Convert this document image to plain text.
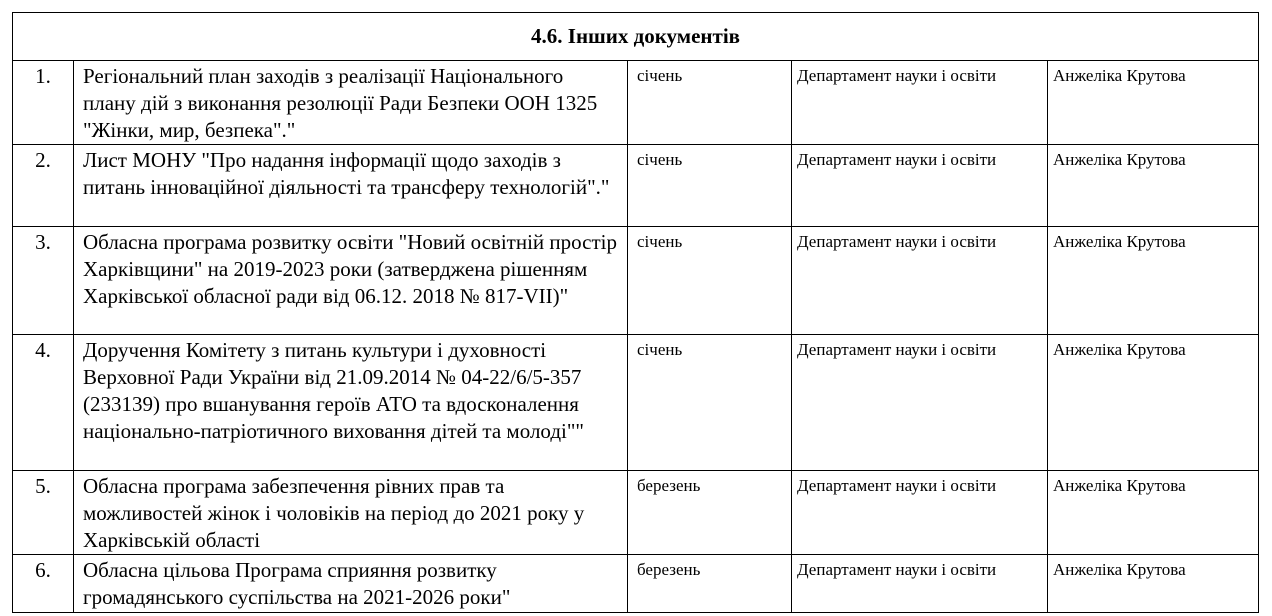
4.6. Інших документів				
1.	Регіональний план заходів з реалізації Національного плану дій з виконання резолюції Ради Безпеки ООН 1325 "Жінки, мир, безпека"."	січень	Департамент науки і освіти	Анжеліка Крутова
2.	Лист МОНУ "Про надання інформації щодо заходів з питань інноваційної діяльності та трансферу технологій"."	січень	Департамент науки і освіти	Анжеліка Крутова
3.	Обласна програма розвитку освіти "Новий освітній простір Харківщини" на 2019-2023 роки (затверджена рішенням Харківської обласної ради від 06.12. 2018 № 817-VII)"	січень	Департамент науки і освіти	Анжеліка Крутова
4.	Доручення Комітету з питань культури і духовності Верховної Ради України від 21.09.2014 № 04-22/6/5-357 (233139) про вшанування героїв АТО та вдосконалення національно-патріотичного виховання дітей та молоді""	січень	Департамент науки і освіти	Анжеліка Крутова
5.	Обласна програма забезпечення рівних прав та можливостей жінок і чоловіків на період до 2021 року у Харківській області	березень	Департамент науки і освіти	Анжеліка Крутова
6.	Обласна цільова Програма сприяння розвитку громадянського суспільства на 2021-2026 роки"	березень	Департамент науки і освіти	Анжеліка Крутова
